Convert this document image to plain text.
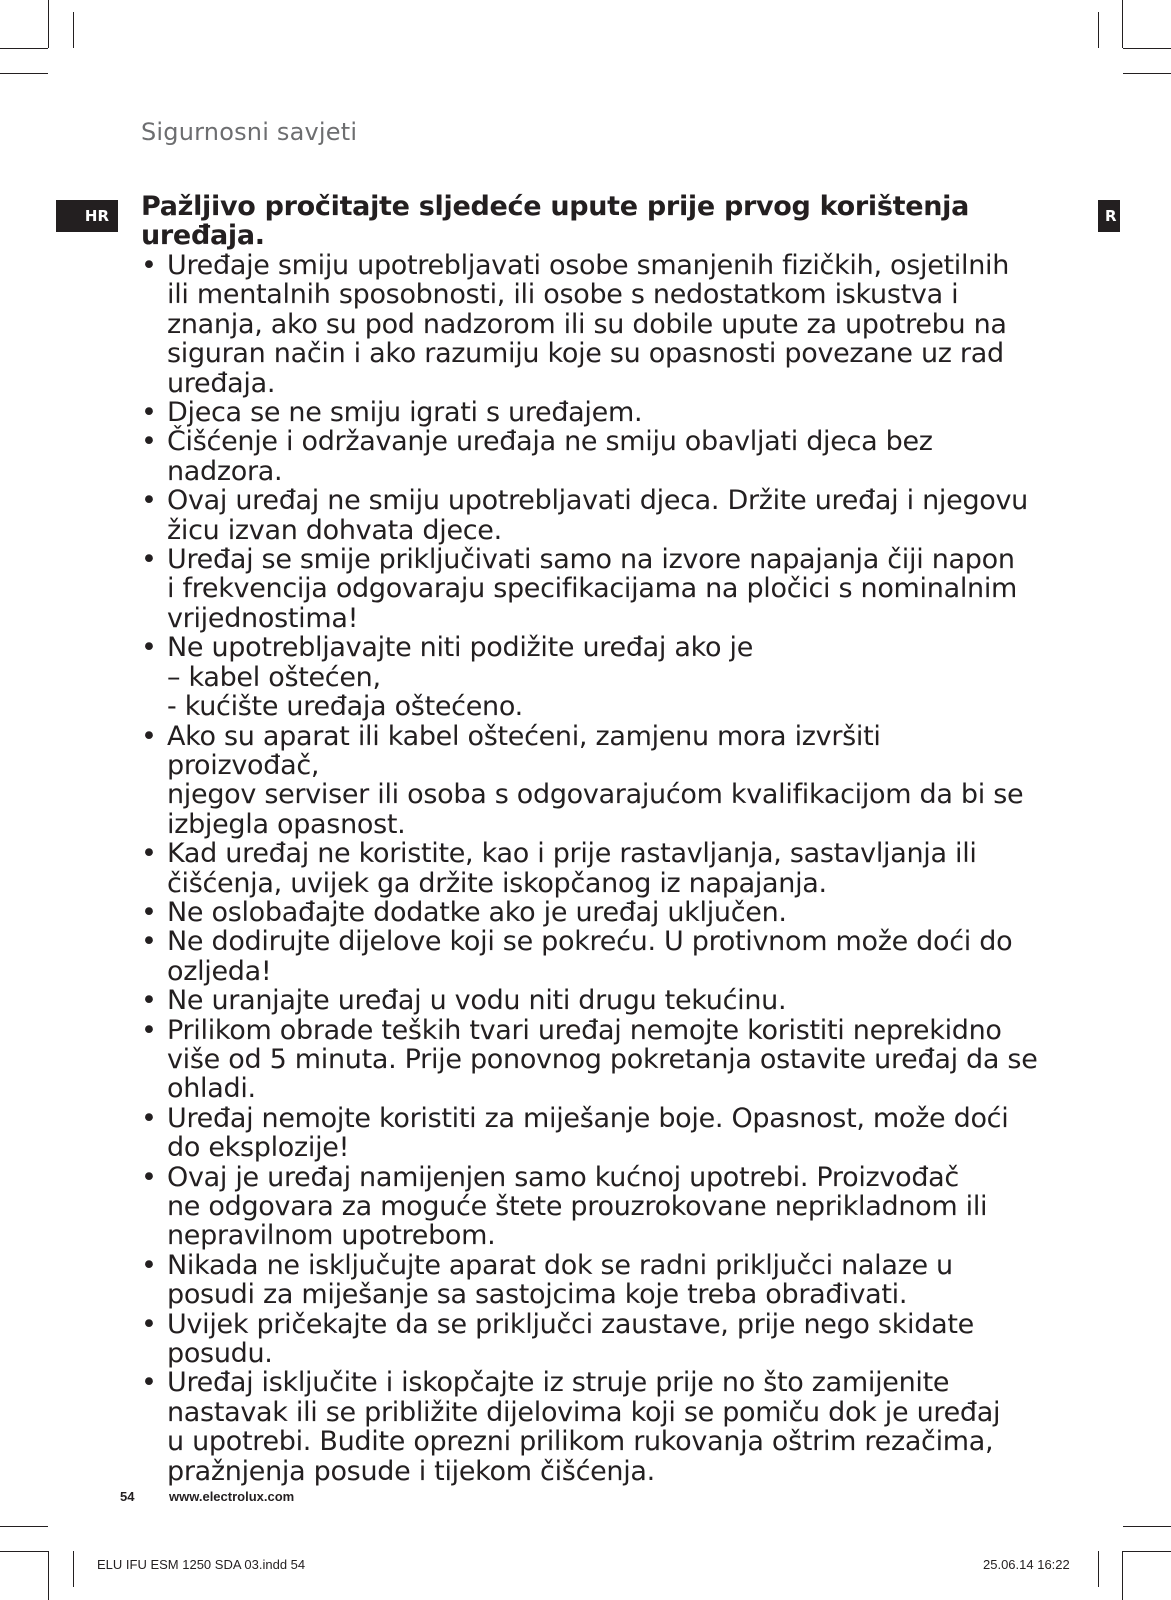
Sigurnosni savjeti
HR	R

Pažljivo pročitajte sljedeće upute prije prvog korištenja uređaja.

• Uređaje smiju upotrebljavati osobe smanjenih fizičkih, osjetilnih
ili mentalnih sposobnosti, ili osobe s nedostatkom iskustva i
znanja, ako su pod nadzorom ili su dobile upute za upotrebu na
siguran način i ako razumiju koje su opasnosti povezane uz rad
uređaja.
• Djeca se ne smiju igrati s uređajem.
• Čišćenje i održavanje uređaja ne smiju obavljati djeca bez
nadzora.
• Ovaj uređaj ne smiju upotrebljavati djeca. Držite uređaj i njegovu
žicu izvan dohvata djece.
• Uređaj se smije priključivati samo na izvore napajanja čiji napon
i frekvencija odgovaraju specifikacijama na pločici s nominalnim
vrijednostima!
• Ne upotrebljavajte niti podižite uređaj ako je
– kabel oštećen,
- kućište uređaja oštećeno.
• Ako su aparat ili kabel oštećeni, zamjenu mora izvršiti proizvođač,
njegov serviser ili osoba s odgovarajućom kvalifikacijom da bi se
izbjegla opasnost.
• Kad uređaj ne koristite, kao i prije rastavljanja, sastavljanja ili
čišćenja, uvijek ga držite iskopčanog iz napajanja.
• Ne oslobađajte dodatke ako je uređaj uključen.
• Ne dodirujte dijelove koji se pokreću. U protivnom može doći do
ozljeda!
• Ne uranjajte uređaj u vodu niti drugu tekućinu.
• Prilikom obrade teških tvari uređaj nemojte koristiti neprekidno
više od 5 minuta. Prije ponovnog pokretanja ostavite uređaj da se
ohladi.
• Uređaj nemojte koristiti za miješanje boje. Opasnost, može doći
do eksplozije!
• Ovaj je uređaj namijenjen samo kućnoj upotrebi. Proizvođač
ne odgovara za moguće štete prouzrokovane neprikladnom ili
nepravilnom upotrebom.
• Nikada ne isključujte aparat dok se radni priključci nalaze u
posudi za miješanje sa sastojcima koje treba obrađivati.
• Uvijek pričekajte da se priključci zaustave, prije nego skidate
posudu.
• Uređaj isključite i iskopčajte iz struje prije no što zamijenite
nastavak ili se približite dijelovima koji se pomiču dok je uređaj
u upotrebi. Budite oprezni prilikom rukovanja oštrim rezačima,
pražnjenja posude i tijekom čišćenja.
54	www.electrolux.com
ELU IFU ESM 1250 SDA 03.indd 54	25.06.14 16:22
